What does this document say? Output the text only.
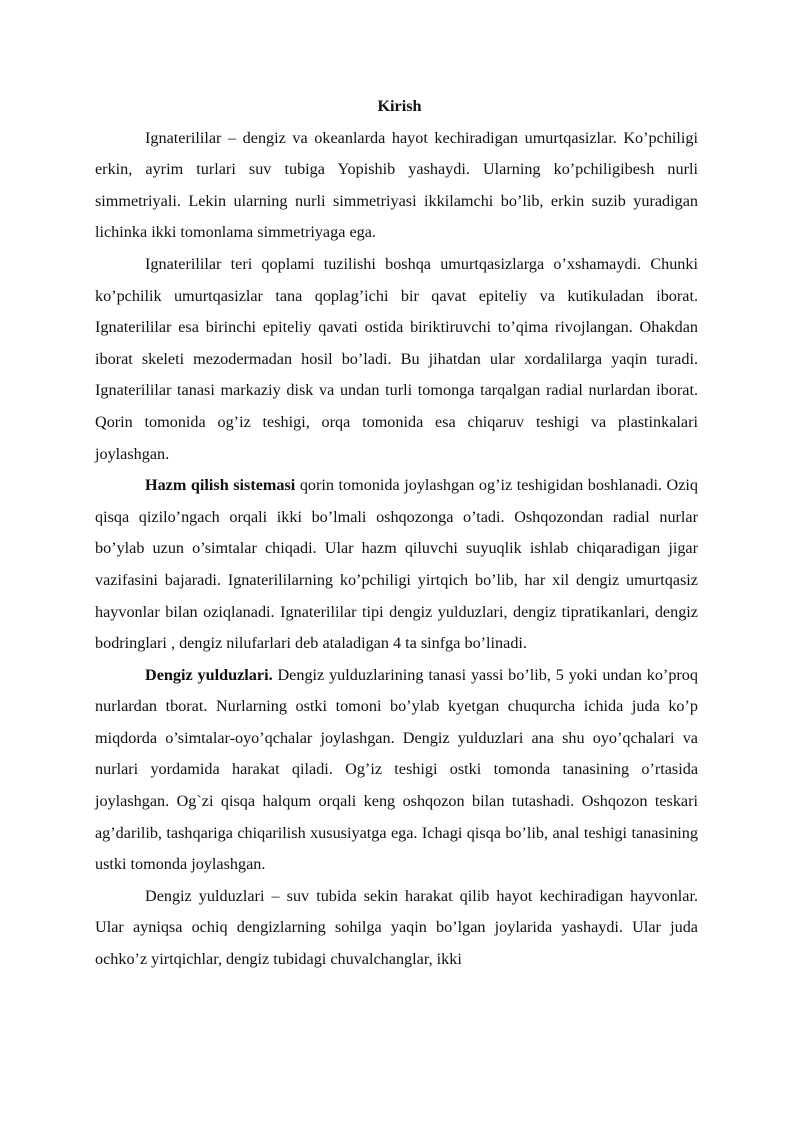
Kirish

Ignaterililar – dengiz va okeanlarda hayot kechiradigan umurtqasizlar. Ko’pchiligi erkin, ayrim turlari suv tubiga Yopishib yashaydi. Ularning ko’pchiligibesh nurli simmetriyali. Lekin ularning nurli simmetriyasi ikkilamchi bo’lib, erkin suzib yuradigan lichinka ikki tomonlama simmetriyaga ega.

Ignaterililar teri qoplami tuzilishi boshqa umurtqasizlarga o’xshamaydi. Chunki ko’pchilik umurtqasizlar tana qoplag’ichi bir qavat epiteliy va kutikuladan iborat. Ignaterililar esa birinchi epiteliy qavati ostida biriktiruvchi to’qima rivojlangan. Ohakdan iborat skeleti mezodermadan hosil bo’ladi. Bu jihatdan ular xordalilarga yaqin turadi. Ignaterililar tanasi markaziy disk va undan turli tomonga tarqalgan radial nurlardan iborat. Qorin tomonida og’iz teshigi, orqa tomonida esa chiqaruv teshigi va plastinkalari joylashgan.

Hazm qilish sistemasi qorin tomonida joylashgan og’iz teshigidan boshlanadi. Oziq qisqa qizilo’ngach orqali ikki bo’lmali oshqozonga o’tadi. Oshqozondan radial nurlar bo’ylab uzun o’simtalar chiqadi. Ular hazm qiluvchi suyuqlik ishlab chiqaradigan jigar vazifasini bajaradi. Ignaterililarning ko’pchiligi yirtqich bo’lib, har xil dengiz umurtqasiz hayvonlar bilan oziqlanadi. Ignaterililar tipi dengiz yulduzlari, dengiz tipratikanlari, dengiz bodringlari , dengiz nilufarlari deb ataladigan 4 ta sinfga bo’linadi.

Dengiz yulduzlari. Dengiz yulduzlarining tanasi yassi bo’lib, 5 yoki undan ko’proq nurlardan tborat. Nurlarning ostki tomoni bo’ylab kyetgan chuqurcha ichida juda ko’p miqdorda o’simtalar-oyo’qchalar joylashgan. Dengiz yulduzlari ana shu oyo’qchalari va nurlari yordamida harakat qiladi. Og’iz teshigi ostki tomonda tanasining o’rtasida joylashgan. Og`zi qisqa halqum orqali keng oshqozon bilan tutashadi. Oshqozon teskari ag’darilib, tashqariga chiqarilish xususiyatga ega. Ichagi qisqa bo’lib, anal teshigi tanasining ustki tomonda joylashgan.

Dengiz yulduzlari – suv tubida sekin harakat qilib hayot kechiradigan hayvonlar. Ular ayniqsa ochiq dengizlarning sohilga yaqin bo’lgan joylarida yashaydi. Ular juda ochko’z yirtqichlar, dengiz tubidagi chuvalchanglar, ikki
